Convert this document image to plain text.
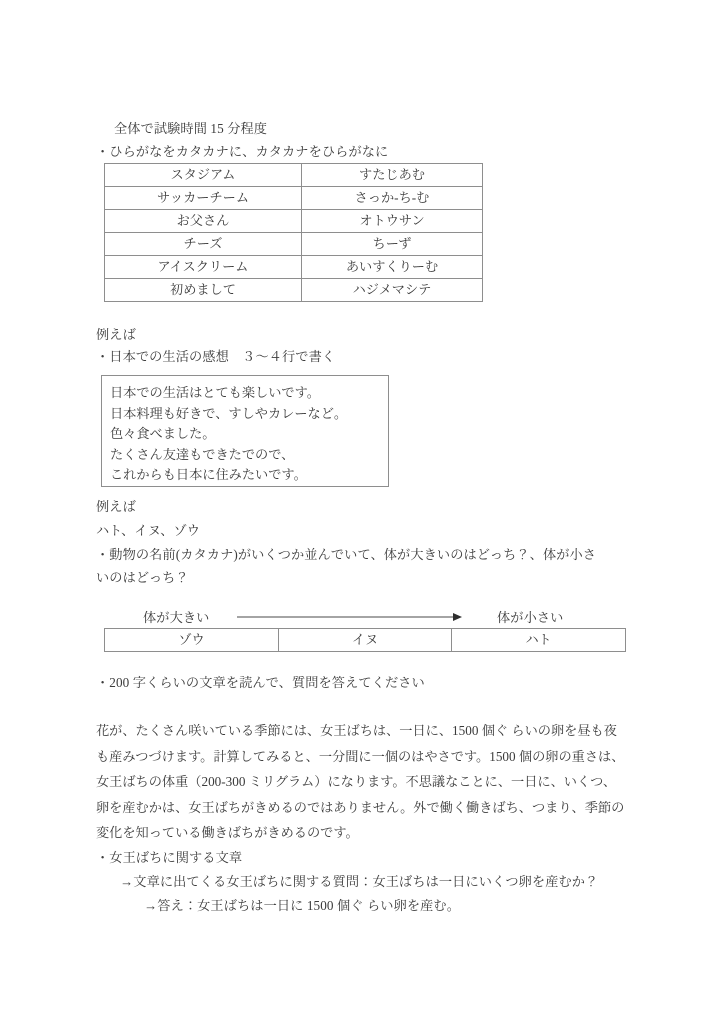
全体で試験時間 15 分程度
・ひらがなをカタカナに、カタカナをひらがなに
スタジアム	すたじあむ
サッカーチーム	さっか-ち-む
お父さん	オトウサン
チーズ	ちーず
アイスクリーム	あいすくりーむ
初めまして	ハジメマシテ
例えば
・日本での生活の感想　３～４行で書く
日本での生活はとても楽しいです。
日本料理も好きで、すしやカレーなど。
色々食べました。
たくさん友達もできたでので、
これからも日本に住みたいです。
例えば
ハト、イヌ、ゾウ
・動物の名前(カタカナ)がいくつか並んでいて、体が大きいのはどっち？、体が小さ
いのはどっち？
体が大きい	体が小さい
ゾウ	イヌ	ハト
・200 字くらいの文章を読んで、質問を答えてください
花が、たくさん咲いている季節には、女王ばちは、一日に、1500 個ぐ らいの卵を昼も夜
も産みつづけます。計算してみると、一分間に一個のはやさです。1500 個の卵の重さは、
女王ばちの体重（200-300 ミリグラム）になります。不思議なことに、一日に、いくつ、
卵を産むかは、女王ばちがきめるのではありません。外で働く働きばち、つまり、季節の
変化を知っている働きばちがきめるのです。
・女王ばちに関する文章
→文章に出てくる女王ばちに関する質問：女王ばちは一日にいくつ卵を産むか？
→答え：女王ばちは一日に 1500 個ぐ らい卵を産む。
